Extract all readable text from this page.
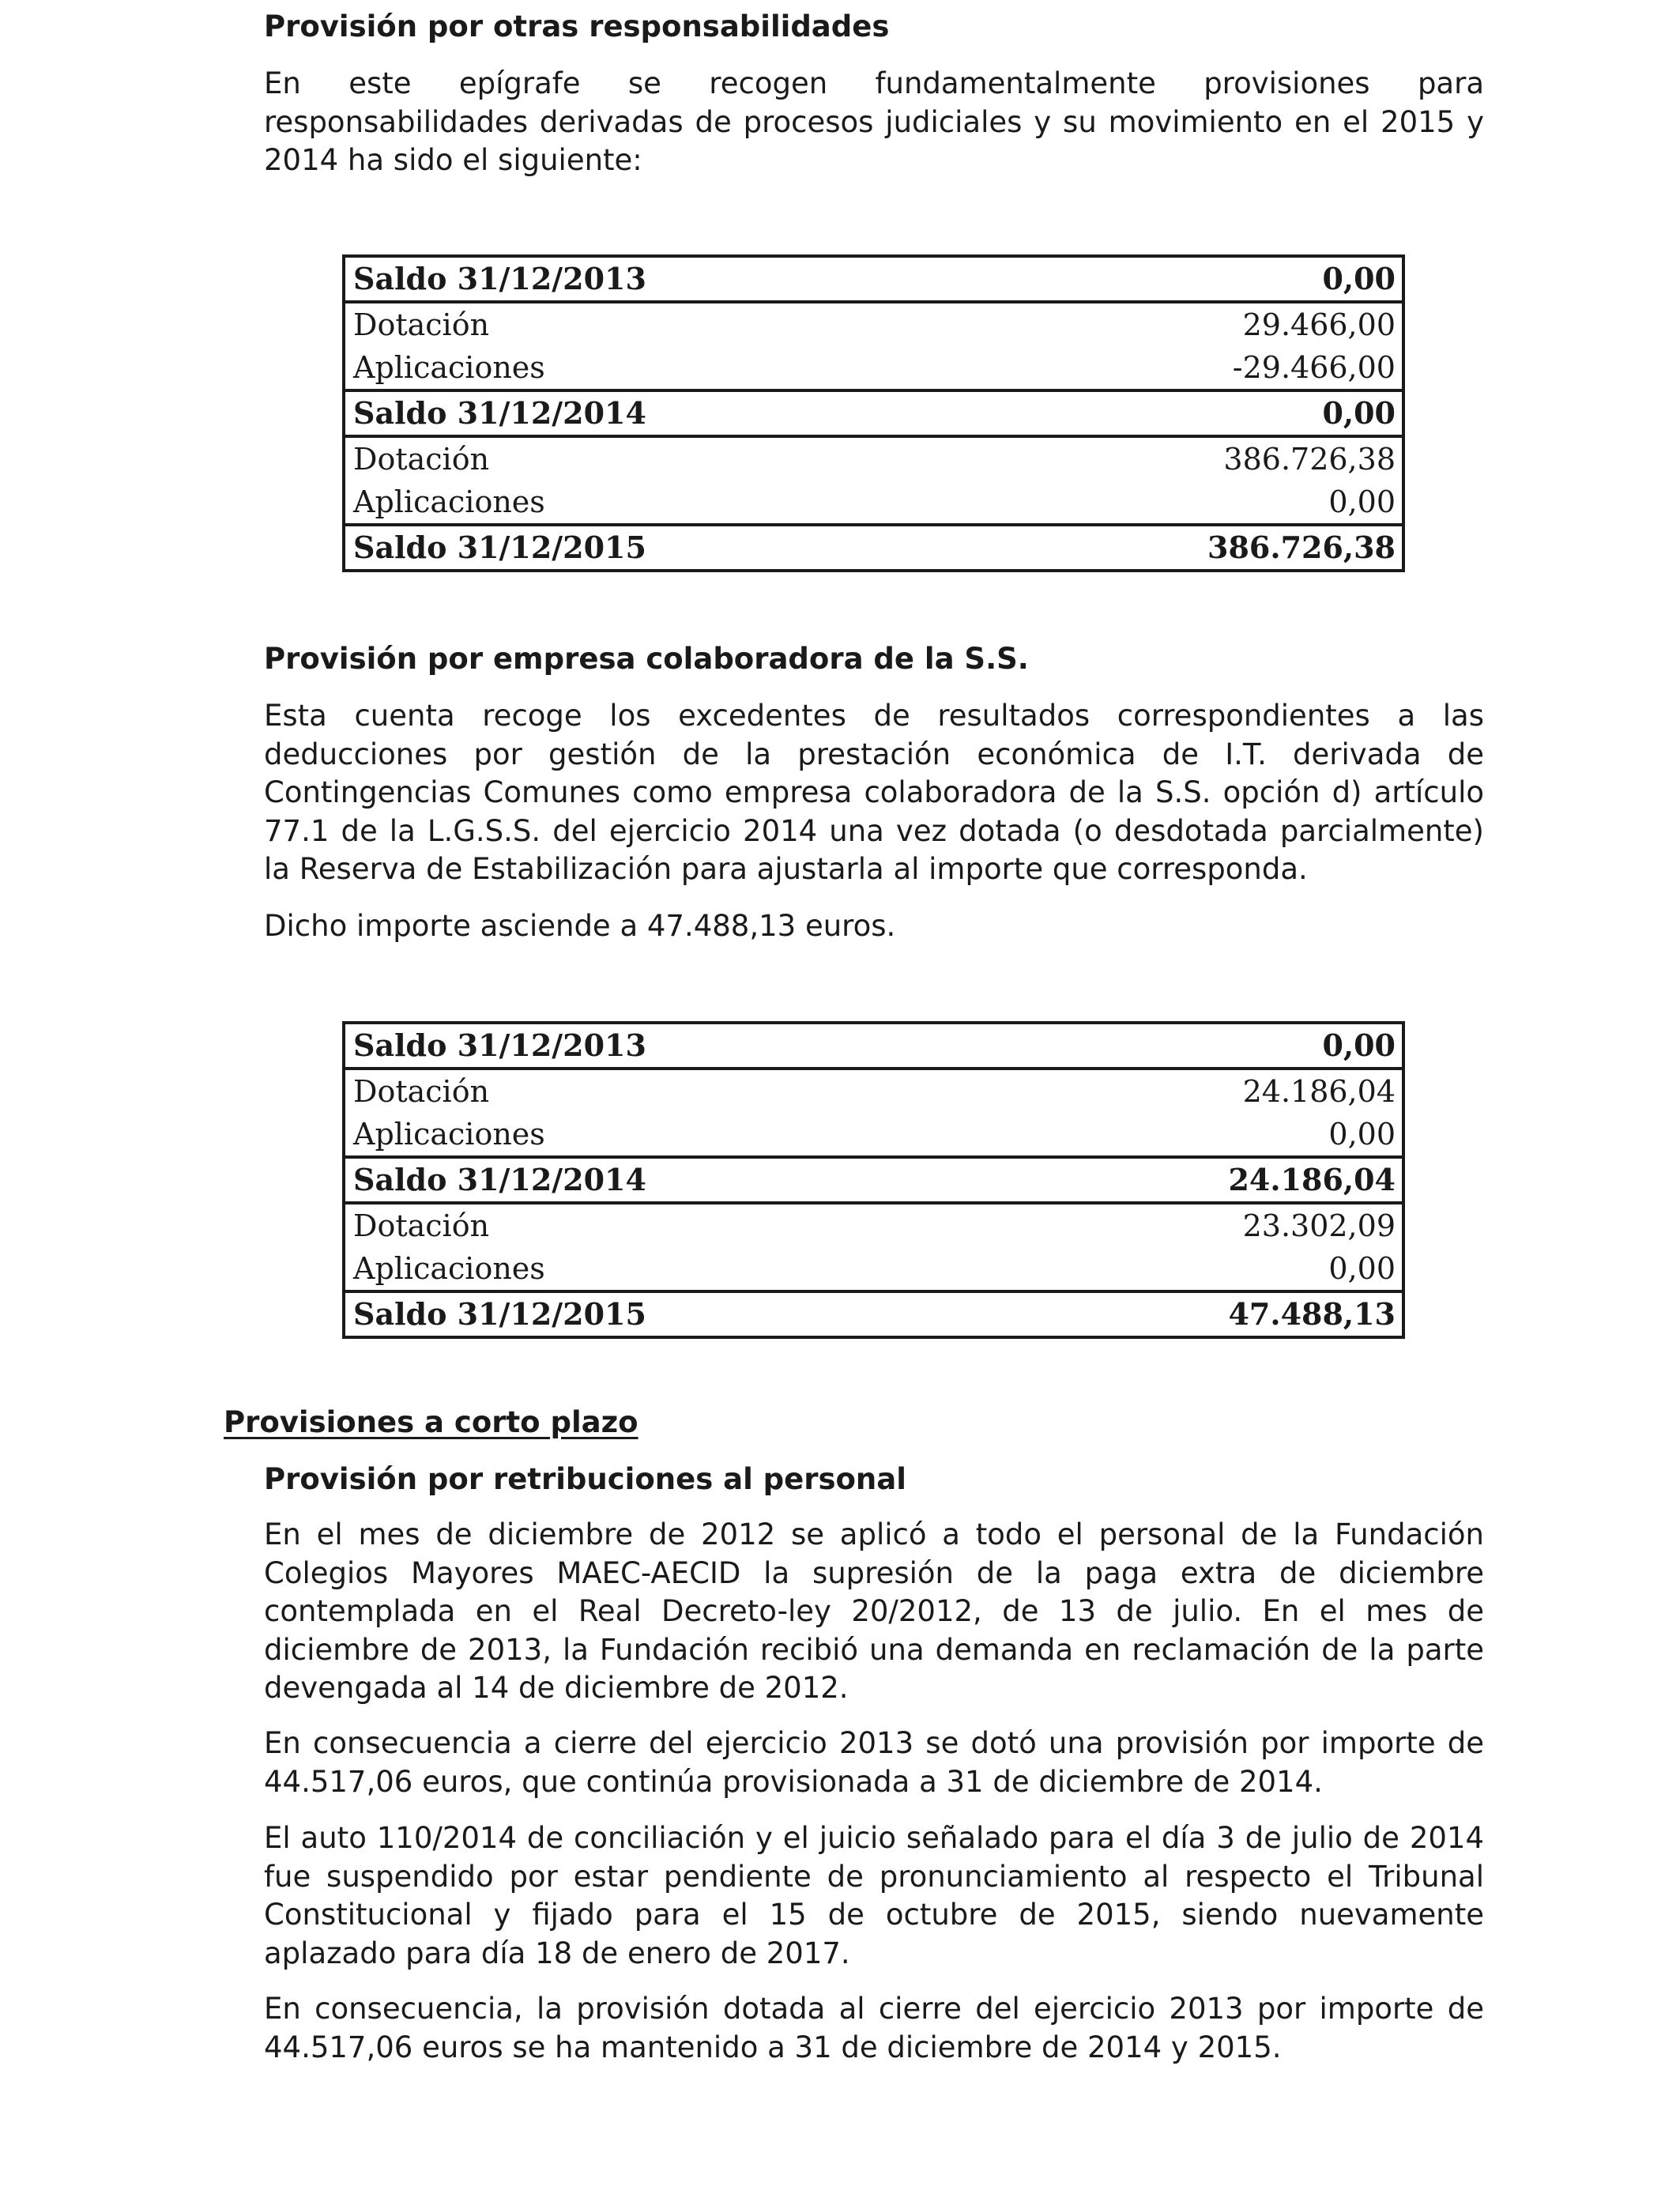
Provisión por otras responsabilidades

En este epígrafe se recogen fundamentalmente provisiones para responsabilidades derivadas de procesos judiciales y su movimiento en el 2015 y 2014 ha sido el siguiente:

Saldo 31/12/2013	0,00
Dotación	29.466,00
Aplicaciones	-29.466,00
Saldo 31/12/2014	0,00
Dotación	386.726,38
Aplicaciones	0,00
Saldo 31/12/2015	386.726,38
Provisión por empresa colaboradora de la S.S.

Esta cuenta recoge los excedentes de resultados correspondientes a las deducciones por gestión de la prestación económica de I.T. derivada de Contingencias Comunes como empresa colaboradora de la S.S. opción d) artículo 77.1 de la L.G.S.S. del ejercicio 2014 una vez dotada (o desdotada parcialmente) la Reserva de Estabilización para ajustarla al importe que corresponda.

Dicho importe asciende a 47.488,13 euros.

Saldo 31/12/2013	0,00
Dotación	24.186,04
Aplicaciones	0,00
Saldo 31/12/2014	24.186,04
Dotación	23.302,09
Aplicaciones	0,00
Saldo 31/12/2015	47.488,13
Provisiones a corto plazo
Provisión por retribuciones al personal

En el mes de diciembre de 2012 se aplicó a todo el personal de la Fundación Colegios Mayores MAEC-AECID la supresión de la paga extra de diciembre contemplada en el Real Decreto-ley 20/2012, de 13 de julio. En el mes de diciembre de 2013, la Fundación recibió una demanda en reclamación de la parte devengada al 14 de diciembre de 2012.

En consecuencia a cierre del ejercicio 2013 se dotó una provisión por importe de 44.517,06 euros, que continúa provisionada a 31 de diciembre de 2014.

El auto 110/2014 de conciliación y el juicio señalado para el día 3 de julio de 2014 fue suspendido por estar pendiente de pronunciamiento al respecto el Tribunal Constitucional y fijado para el 15 de octubre de 2015, siendo nuevamente aplazado para día 18 de enero de 2017.

En consecuencia, la provisión dotada al cierre del ejercicio 2013 por importe de 44.517,06 euros se ha mantenido a 31 de diciembre de 2014 y 2015.
